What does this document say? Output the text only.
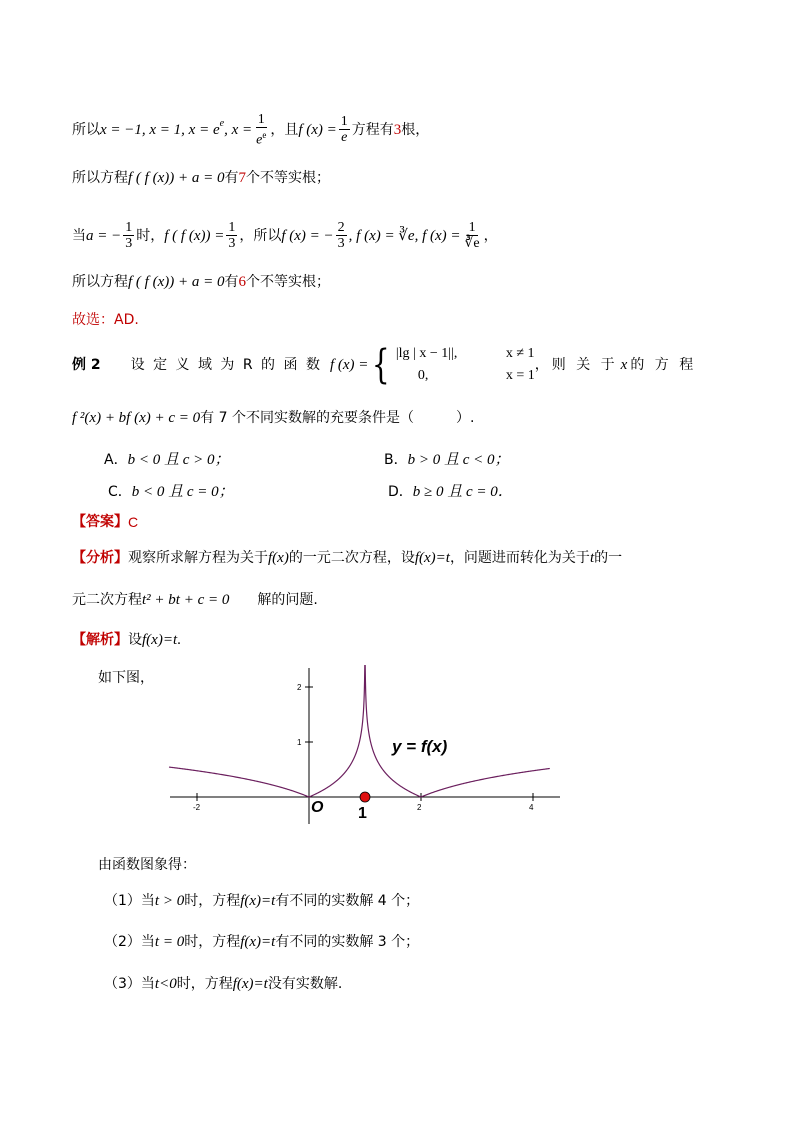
所以 x = −1, x = 1, $x = e^e$ , $x = \frac{1}{e^e}$ ，且 f $(x) = \frac{1}{e}$ 方程有 3 根，
所以方程 f ( f (x)) + a = 0 有 7 个不等实根；
当 a = − $\frac{1}{3}$ 时， f ( f $(x)) = \frac{1}{3}$ ，所以 f (x) = − $\frac{2}{3}$ , f (x) = ∛e, f $(x) = \frac{1}{∛e}$ ，
所以方程 f ( f (x)) + a = 0 有 6 个不等实根；
故选：AD.
例 2 设 定 义 域 为 R 的 函 数 f (x) = { |lg | x − 1||,	x ≠ 1
0,	x = 1
，则 关 于 x 的 方 程
f ²(x) + bf (x) + c = 0 有 7 个不同实数解的充要条件是（　　　）.
A． b < 0 且 c > 0；	B． b > 0 且 c < 0；
C． b < 0 且 c = 0；	D． b ≥ 0 且 c = 0．
【答案】 C
【分析】 观察所求解方程为关于 f(x) 的一元二次方程，设 f(x)=t ，问题进而转化为关于 t 的一
元二次方程 t² + bt + c = 0 解的问题.
【解析】 设 f(x)=t .
如下图，
-2	2	4
1
2
y = f(x)
O 1
由函数图象得：
（1）当 t > 0 时，方程 f(x)=t 有不同的实数解 4 个；
（2）当 t = 0 时，方程 f(x)=t 有不同的实数解 3 个；
（3）当 t<0 时，方程 f(x)=t 没有实数解.
